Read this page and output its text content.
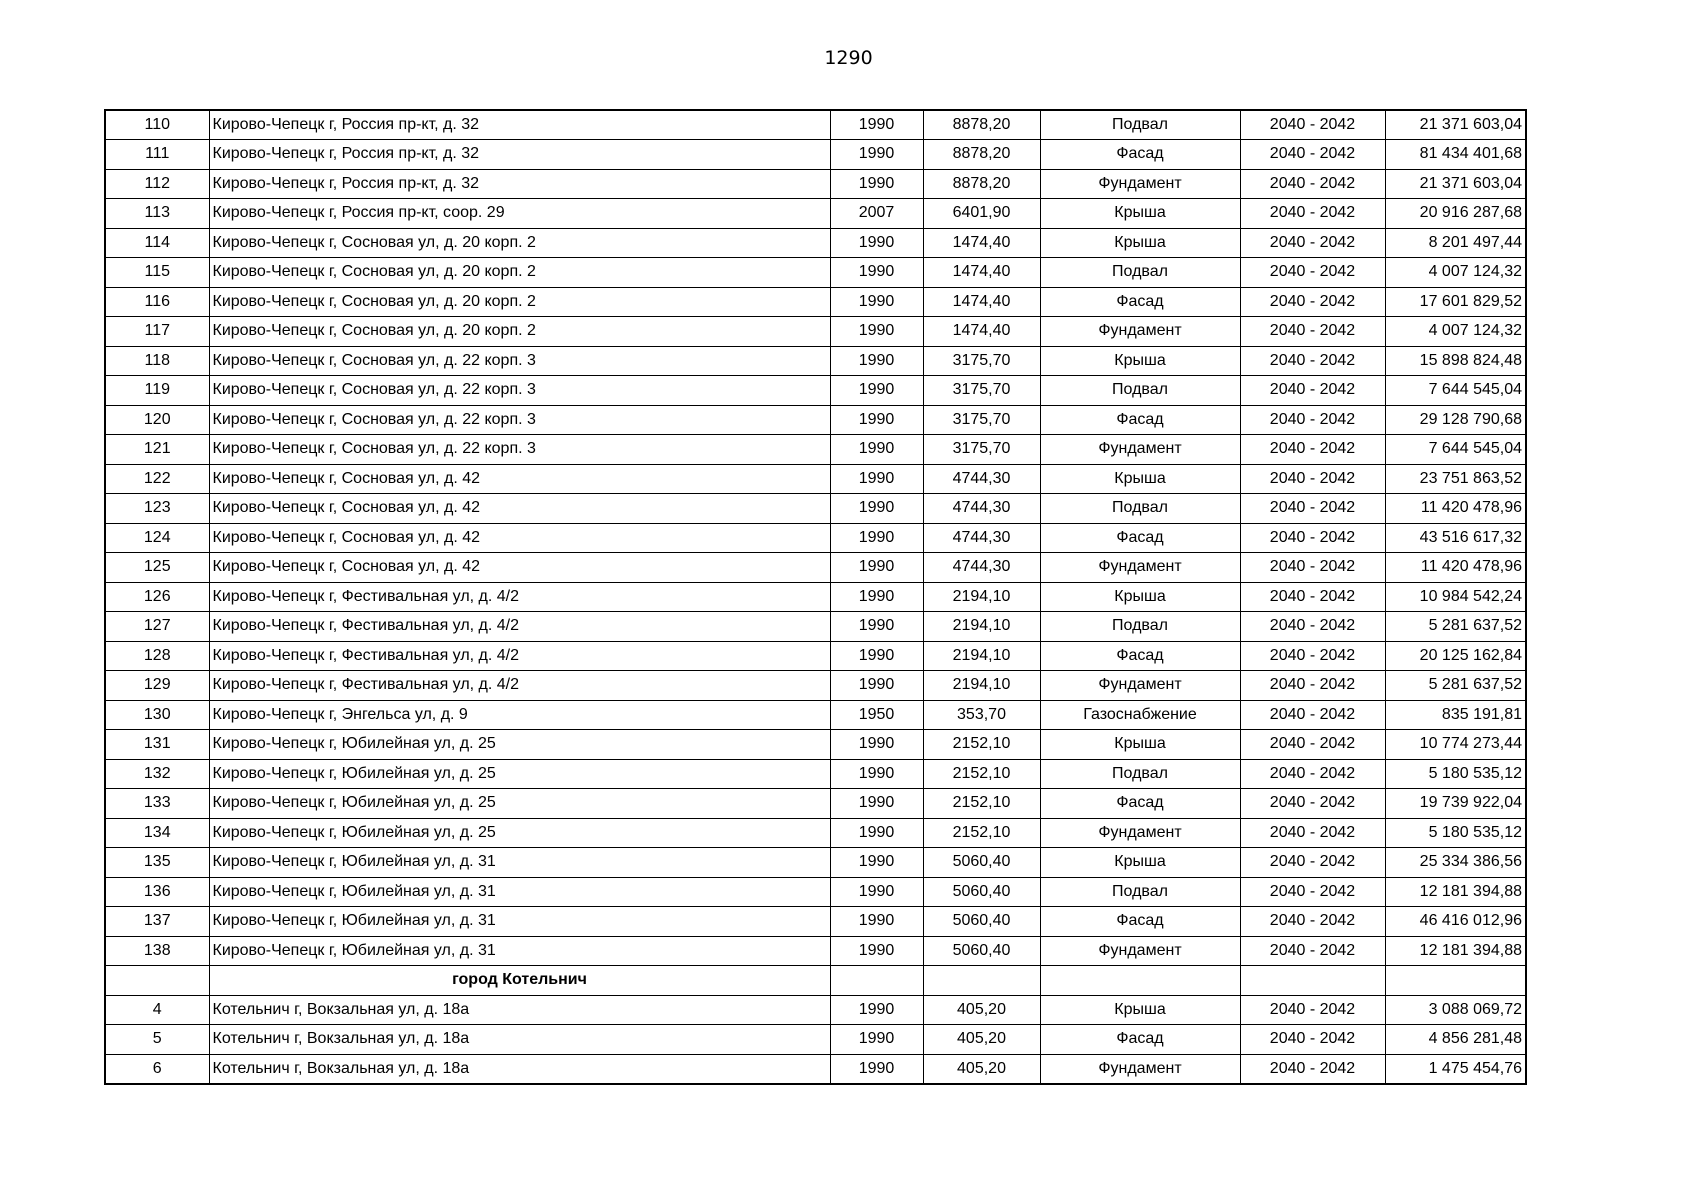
1290
110	Кирово-Чепецк г, Россия пр-кт, д. 32	1990	8878,20	Подвал	2040 - 2042	21 371 603,04
111	Кирово-Чепецк г, Россия пр-кт, д. 32	1990	8878,20	Фасад	2040 - 2042	81 434 401,68
112	Кирово-Чепецк г, Россия пр-кт, д. 32	1990	8878,20	Фундамент	2040 - 2042	21 371 603,04
113	Кирово-Чепецк г, Россия пр-кт, соор. 29	2007	6401,90	Крыша	2040 - 2042	20 916 287,68
114	Кирово-Чепецк г, Сосновая ул, д. 20 корп. 2	1990	1474,40	Крыша	2040 - 2042	8 201 497,44
115	Кирово-Чепецк г, Сосновая ул, д. 20 корп. 2	1990	1474,40	Подвал	2040 - 2042	4 007 124,32
116	Кирово-Чепецк г, Сосновая ул, д. 20 корп. 2	1990	1474,40	Фасад	2040 - 2042	17 601 829,52
117	Кирово-Чепецк г, Сосновая ул, д. 20 корп. 2	1990	1474,40	Фундамент	2040 - 2042	4 007 124,32
118	Кирово-Чепецк г, Сосновая ул, д. 22 корп. 3	1990	3175,70	Крыша	2040 - 2042	15 898 824,48
119	Кирово-Чепецк г, Сосновая ул, д. 22 корп. 3	1990	3175,70	Подвал	2040 - 2042	7 644 545,04
120	Кирово-Чепецк г, Сосновая ул, д. 22 корп. 3	1990	3175,70	Фасад	2040 - 2042	29 128 790,68
121	Кирово-Чепецк г, Сосновая ул, д. 22 корп. 3	1990	3175,70	Фундамент	2040 - 2042	7 644 545,04
122	Кирово-Чепецк г, Сосновая ул, д. 42	1990	4744,30	Крыша	2040 - 2042	23 751 863,52
123	Кирово-Чепецк г, Сосновая ул, д. 42	1990	4744,30	Подвал	2040 - 2042	11 420 478,96
124	Кирово-Чепецк г, Сосновая ул, д. 42	1990	4744,30	Фасад	2040 - 2042	43 516 617,32
125	Кирово-Чепецк г, Сосновая ул, д. 42	1990	4744,30	Фундамент	2040 - 2042	11 420 478,96
126	Кирово-Чепецк г, Фестивальная ул, д. 4/2	1990	2194,10	Крыша	2040 - 2042	10 984 542,24
127	Кирово-Чепецк г, Фестивальная ул, д. 4/2	1990	2194,10	Подвал	2040 - 2042	5 281 637,52
128	Кирово-Чепецк г, Фестивальная ул, д. 4/2	1990	2194,10	Фасад	2040 - 2042	20 125 162,84
129	Кирово-Чепецк г, Фестивальная ул, д. 4/2	1990	2194,10	Фундамент	2040 - 2042	5 281 637,52
130	Кирово-Чепецк г, Энгельса ул, д. 9	1950	353,70	Газоснабжение	2040 - 2042	835 191,81
131	Кирово-Чепецк г, Юбилейная ул, д. 25	1990	2152,10	Крыша	2040 - 2042	10 774 273,44
132	Кирово-Чепецк г, Юбилейная ул, д. 25	1990	2152,10	Подвал	2040 - 2042	5 180 535,12
133	Кирово-Чепецк г, Юбилейная ул, д. 25	1990	2152,10	Фасад	2040 - 2042	19 739 922,04
134	Кирово-Чепецк г, Юбилейная ул, д. 25	1990	2152,10	Фундамент	2040 - 2042	5 180 535,12
135	Кирово-Чепецк г, Юбилейная ул, д. 31	1990	5060,40	Крыша	2040 - 2042	25 334 386,56
136	Кирово-Чепецк г, Юбилейная ул, д. 31	1990	5060,40	Подвал	2040 - 2042	12 181 394,88
137	Кирово-Чепецк г, Юбилейная ул, д. 31	1990	5060,40	Фасад	2040 - 2042	46 416 012,96
138	Кирово-Чепецк г, Юбилейная ул, д. 31	1990	5060,40	Фундамент	2040 - 2042	12 181 394,88
	город Котельнич					
4	Котельнич г, Вокзальная ул, д. 18а	1990	405,20	Крыша	2040 - 2042	3 088 069,72
5	Котельнич г, Вокзальная ул, д. 18а	1990	405,20	Фасад	2040 - 2042	4 856 281,48
6	Котельнич г, Вокзальная ул, д. 18а	1990	405,20	Фундамент	2040 - 2042	1 475 454,76
